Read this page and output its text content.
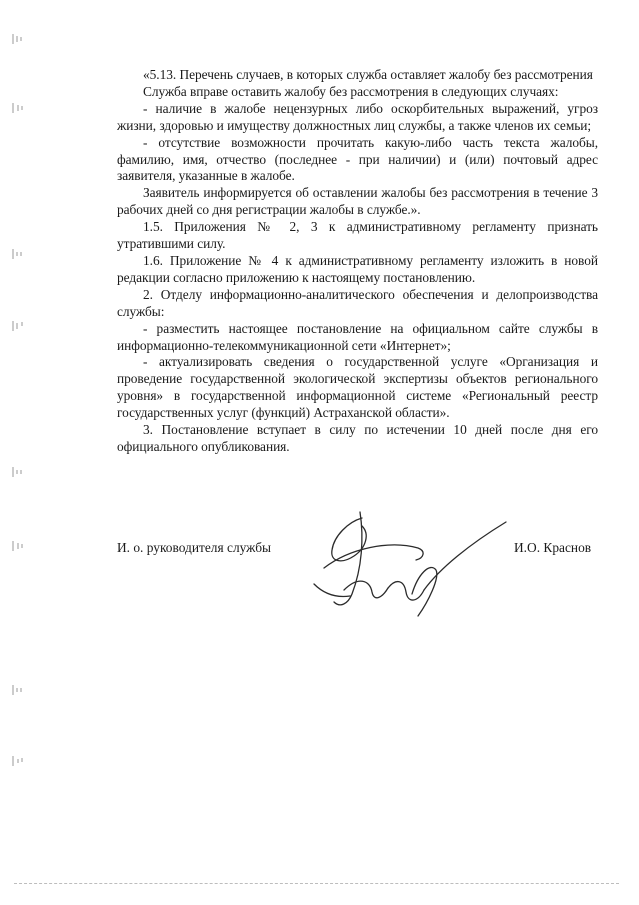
«5.13. Перечень случаев, в которых служба оставляет жалобу без рассмотрения

Служба вправе оставить жалобу без рассмотрения в следующих случаях:

- наличие в жалобе нецензурных либо оскорбительных выражений, угроз жизни, здоровью и имуществу должностных лиц службы, а также членов их семьи;

- отсутствие возможности прочитать какую-либо часть текста жалобы, фамилию, имя, отчество (последнее - при наличии) и (или) почтовый адрес заявителя, указанные в жалобе.

Заявитель информируется об оставлении жалобы без рассмотрения в течение 3 рабочих дней со дня регистрации жалобы в службе.».

1.5. Приложения № 2, 3 к административному регламенту признать утратившими силу.

1.6. Приложение № 4 к административному регламенту изложить в новой редакции согласно приложению к настоящему постановлению.

2. Отделу информационно-аналитического обеспечения и делопроизводства службы:

- разместить настоящее постановление на официальном сайте службы в информационно-телекоммуникационной сети «Интернет»;

- актуализировать сведения о государственной услуге «Организация и проведение государственной экологической экспертизы объектов регионального уровня» в государственной информационной системе «Региональный реестр государственных услуг (функций) Астраханской области».

3. Постановление вступает в силу по истечении 10 дней после дня его официального опубликования.

И. о. руководителя службы	И.О. Краснов
